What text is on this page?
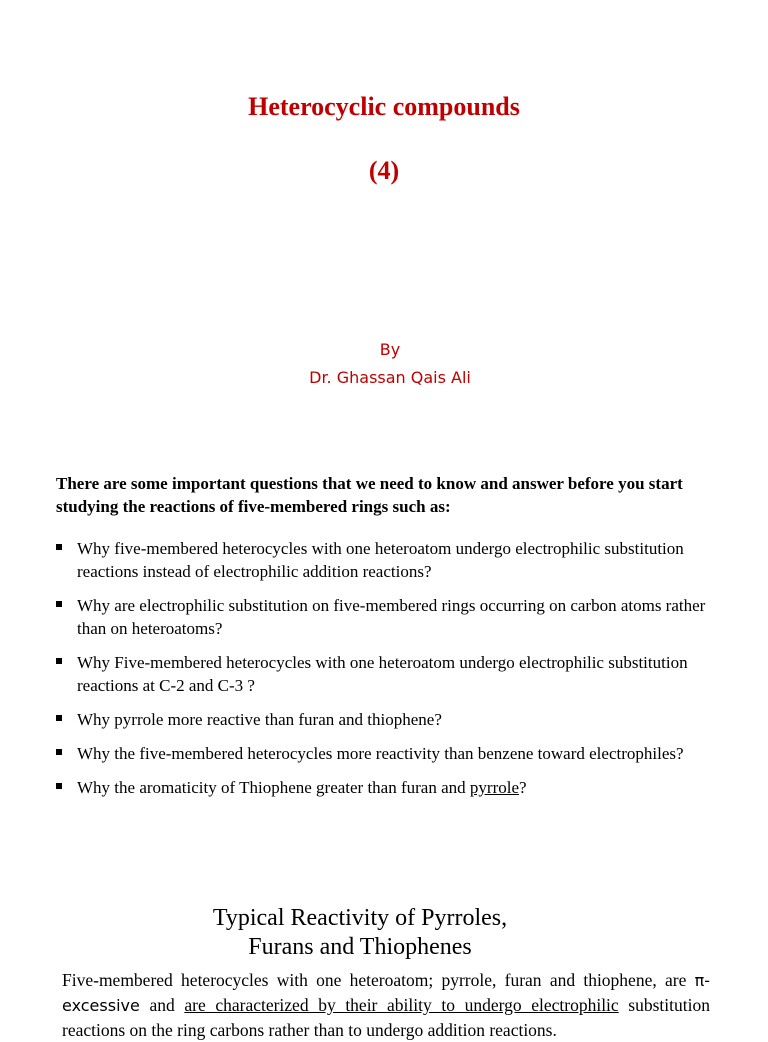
Heterocyclic compounds
(4)
By
Dr. Ghassan Qais Ali
There are some important questions that we need to know and answer before you start studying the reactions of five-membered rings such as:
Why five-membered heterocycles with one heteroatom undergo electrophilic substitution reactions instead of electrophilic addition reactions?
Why are electrophilic substitution on five-membered rings occurring on carbon atoms rather than on heteroatoms?
Why Five-membered heterocycles with one heteroatom undergo electrophilic substitution reactions at C-2 and C-3 ?
Why pyrrole more reactive than furan and thiophene?
Why the five-membered heterocycles more reactivity than benzene toward electrophiles?
Why the aromaticity of Thiophene greater than furan and pyrrole?
Typical Reactivity of Pyrroles,
Furans and Thiophenes
Five-membered heterocycles with one heteroatom; pyrrole, furan and thiophene, are π-excessive and are characterized by their ability to undergo electrophilic substitution reactions on the ring carbons rather than to undergo addition reactions.
